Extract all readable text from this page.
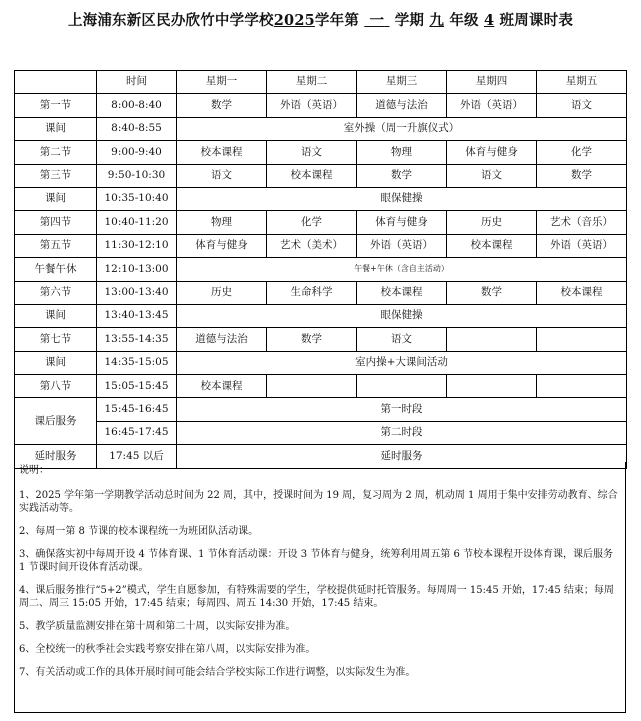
上海浦东新区民办欣竹中学学校2025学年第 一 学期 九 年级 4 班周课时表
	时间	星期一	星期二	星期三	星期四	星期五
第一节	8:00-8:40	数学	外语（英语）	道德与法治	外语（英语）	语文
课间	8:40-8:55	室外操（周一升旗仪式）				
第二节	9:00-9:40	校本课程	语文	物理	体育与健身	化学
第三节	9:50-10:30	语文	校本课程	数学	语文	数学
课间	10:35-10:40	眼保健操				
第四节	10:40-11:20	物理	化学	体育与健身	历史	艺术（音乐）
第五节	11:30-12:10	体育与健身	艺术（美术）	外语（英语）	校本课程	外语（英语）
午餐午休	12:10-13:00	午餐+午休（含自主活动）				
第六节	13:00-13:40	历史	生命科学	校本课程	数学	校本课程
课间	13:40-13:45	眼保健操				
第七节	13:55-14:35	道德与法治	数学	语文		
课间	14:35-15:05	室内操+大课间活动				
第八节	15:05-15:45	校本课程				
课后服务	15:45-16:45	第一时段				
	16:45-17:45	第二时段				
延时服务	17:45 以后	延时服务				

说明：

1、2025 学年第一学期教学活动总时间为 22 周，其中，授课时间为 19 周，复习周为 2 周，机动周 1 周用于集中安排劳动教育、综合实践活动等。

2、每周一第 8 节课的校本课程统一为班团队活动课。

3、确保落实初中每周开设 4 节体育课、1 节体育活动课：开设 3 节体育与健身，统筹利用周五第 6 节校本课程开设体育课，课后服务 1 节课时间开设体育活动课。

4、课后服务推行“5+2”模式，学生自愿参加，有特殊需要的学生，学校提供延时托管服务。每周周一 15:45 开始，17:45 结束；每周周二、周三 15:05 开始，17:45 结束；每周四、周五 14:30 开始，17:45 结束。

5、教学质量监测安排在第十周和第二十周，以实际安排为准。

6、全校统一的秋季社会实践考察安排在第八周，以实际安排为准。

7、有关活动或工作的具体开展时间可能会结合学校实际工作进行调整，以实际发生为准。
